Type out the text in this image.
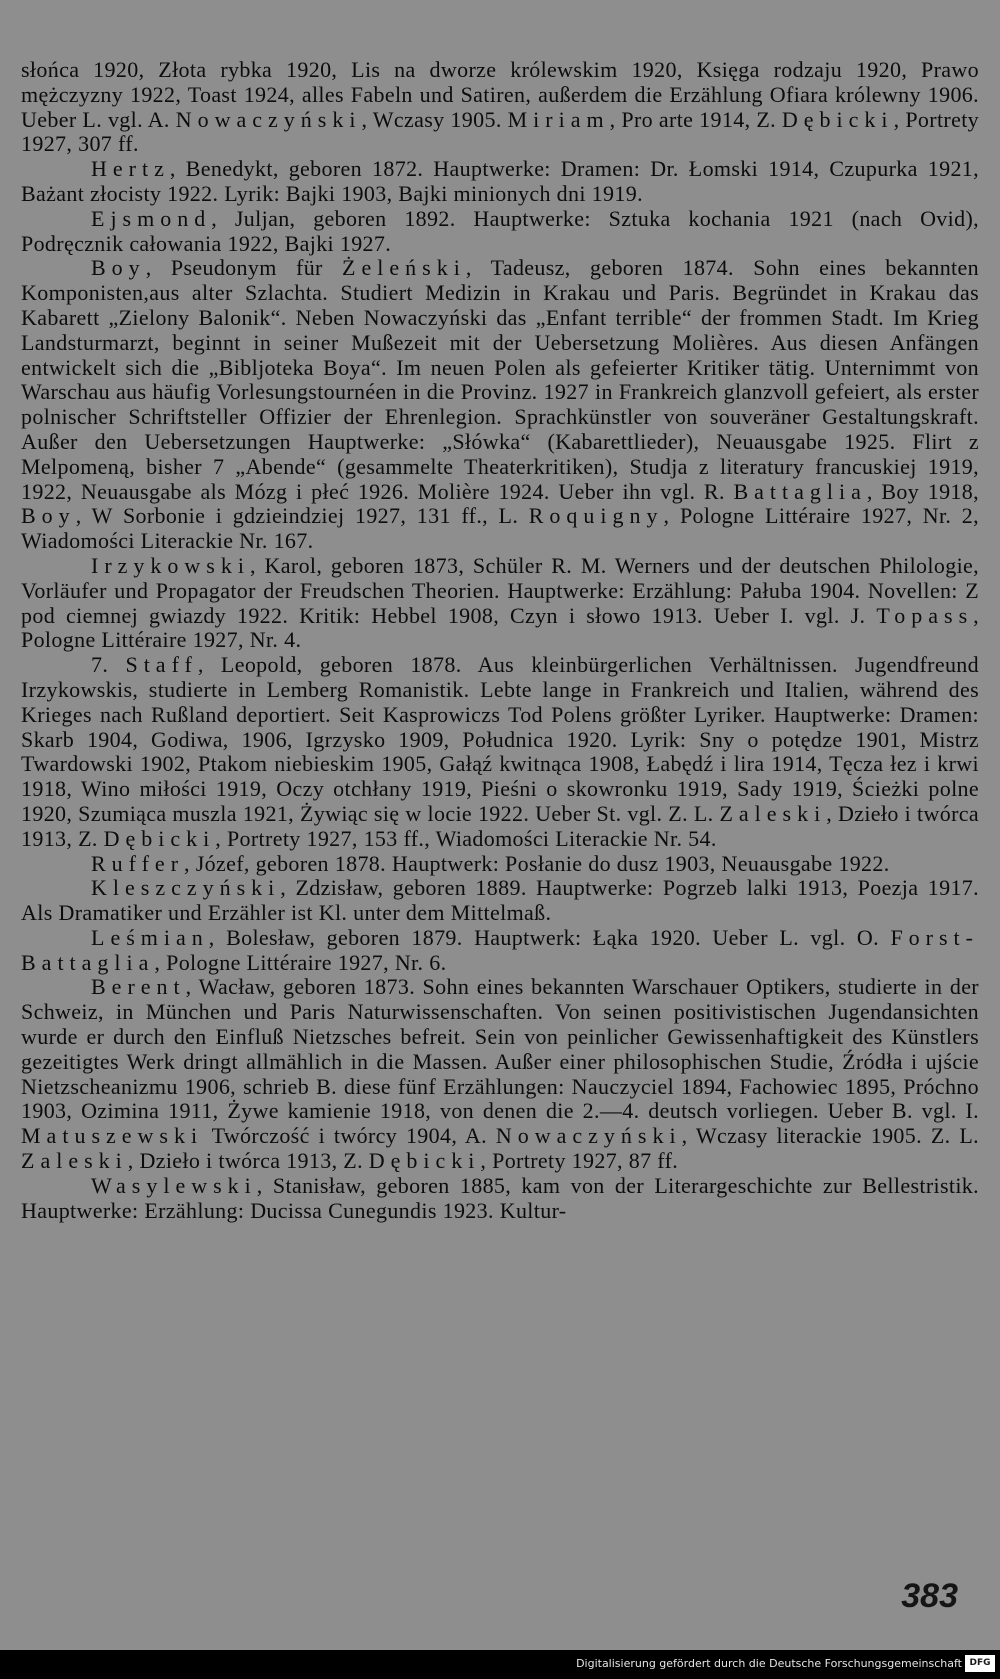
słońca 1920, Złota rybka 1920, Lis na dworze królewskim 1920, Księga rodzaju 1920, Prawo mężczyzny 1922, Toast 1924, alles Fabeln und Satiren, außerdem die Erzählung Ofiara królewny 1906. Ueber L. vgl. A. Nowaczyński, Wczasy 1905. Miriam, Pro arte 1914, Z. Dębicki, Portrety 1927, 307 ff.

Hertz, Benedykt, geboren 1872. Hauptwerke: Dramen: Dr. Łomski 1914, Czupurka 1921, Bażant złocisty 1922. Lyrik: Bajki 1903, Bajki minionych dni 1919.

Ejsmond, Juljan, geboren 1892. Hauptwerke: Sztuka kochania 1921 (nach Ovid), Podręcznik całowania 1922, Bajki 1927.

Boy, Pseudonym für Żeleński, Tadeusz, geboren 1874. Sohn eines bekannten Komponisten,aus alter Szlachta. Studiert Medizin in Krakau und Paris. Begründet in Krakau das Kabarett „Zielony Balonik“. Neben Nowaczyński das „Enfant terrible“ der frommen Stadt. Im Krieg Landsturmarzt, beginnt in seiner Mußezeit mit der Uebersetzung Molières. Aus diesen Anfängen entwickelt sich die „Bibljoteka Boya“. Im neuen Polen als gefeierter Kritiker tätig. Unternimmt von Warschau aus häufig Vorlesungstournéen in die Provinz. 1927 in Frankreich glanzvoll gefeiert, als erster polnischer Schriftsteller Offizier der Ehrenlegion. Sprachkünstler von souveräner Gestaltungskraft. Außer den Uebersetzungen Hauptwerke: „Słówka“ (Kabarettlieder), Neuausgabe 1925. Flirt z Melpomeną, bisher 7 „Abende“ (gesammelte Theaterkritiken), Studja z literatury francuskiej 1919, 1922, Neuausgabe als Mózg i płeć 1926. Molière 1924. Ueber ihn vgl. R. Battaglia, Boy 1918, Boy, W Sorbonie i gdzieindziej 1927, 131 ff., L. Roquigny, Pologne Littéraire 1927, Nr. 2, Wiadomości Literackie Nr. 167.

Irzykowski, Karol, geboren 1873, Schüler R. M. Werners und der deutschen Philologie, Vorläufer und Propagator der Freudschen Theorien. Hauptwerke: Erzählung: Pałuba 1904. Novellen: Z pod ciemnej gwiazdy 1922. Kritik: Hebbel 1908, Czyn i słowo 1913. Ueber I. vgl. J. Topass, Pologne Littéraire 1927, Nr. 4.

7. Staff, Leopold, geboren 1878. Aus kleinbürgerlichen Verhältnissen. Jugendfreund Irzykowskis, studierte in Lemberg Romanistik. Lebte lange in Frankreich und Italien, während des Krieges nach Rußland deportiert. Seit Kasprowiczs Tod Polens größter Lyriker. Hauptwerke: Dramen: Skarb 1904, Godiwa, 1906, Igrzysko 1909, Południca 1920. Lyrik: Sny o potędze 1901, Mistrz Twardowski 1902, Ptakom niebieskim 1905, Gałąź kwitnąca 1908, Łabędź i lira 1914, Tęcza łez i krwi 1918, Wino miłości 1919, Oczy otchłany 1919, Pieśni o skowronku 1919, Sady 1919, Ścieżki polne 1920, Szumiąca muszla 1921, Żywiąc się w locie 1922. Ueber St. vgl. Z. L. Zaleski, Dzieło i twórca 1913, Z. Dębicki, Portrety 1927, 153 ff., Wiadomości Literackie Nr. 54.

Ruffer, Józef, geboren 1878. Hauptwerk: Posłanie do dusz 1903, Neuausgabe 1922.

Kleszczyński, Zdzisław, geboren 1889. Hauptwerke: Pogrzeb lalki 1913, Poezja 1917. Als Dramatiker und Erzähler ist Kl. unter dem Mittelmaß.

Leśmian, Bolesław, geboren 1879. Hauptwerk: Łąka 1920. Ueber L. vgl. O. Forst-Battaglia, Pologne Littéraire 1927, Nr. 6.

Berent, Wacław, geboren 1873. Sohn eines bekannten Warschauer Optikers, studierte in der Schweiz, in München und Paris Naturwissenschaften. Von seinen positivistischen Jugendansichten wurde er durch den Einfluß Nietzsches befreit. Sein von peinlicher Gewissenhaftigkeit des Künstlers gezeitigtes Werk dringt allmählich in die Massen. Außer einer philosophischen Studie, Źródła i ujście Nietzscheanizmu 1906, schrieb B. diese fünf Erzählungen: Nauczyciel 1894, Fachowiec 1895, Próchno 1903, Ozimina 1911, Żywe kamienie 1918, von denen die 2.—4. deutsch vorliegen. Ueber B. vgl. I. Matuszewski Twórczość i twórcy 1904, A. Nowaczyński, Wczasy literackie 1905. Z. L. Zaleski, Dzieło i twórca 1913, Z. Dębicki, Portrety 1927, 87 ff.

Wasylewski, Stanisław, geboren 1885, kam von der Literargeschichte zur Bellestristik. Hauptwerke: Erzählung: Ducissa Cunegundis 1923. Kultur-

383
Digitalisierung gefördert durch die Deutsche Forschungsgemeinschaft DFG
